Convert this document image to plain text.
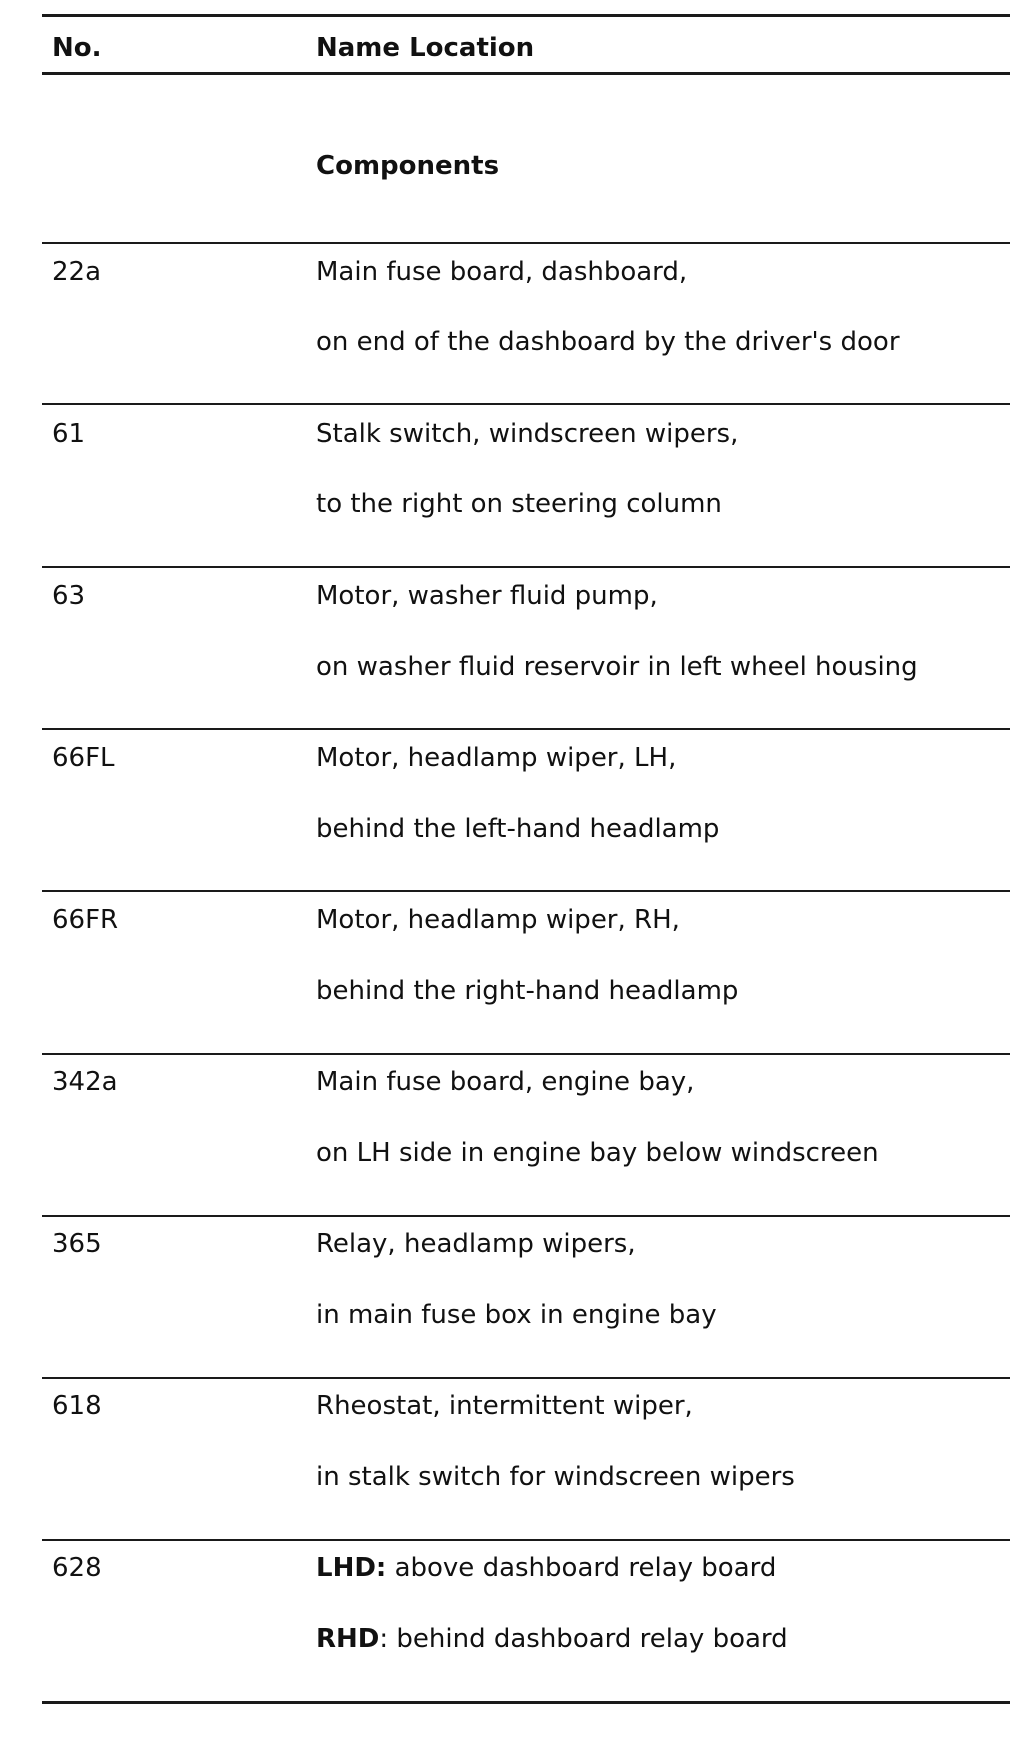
No.	Name Location
Components
22a	Main fuse board, dashboard,
on end of the dashboard by the driver's door
61	Stalk switch, windscreen wipers,
to the right on steering column
63	Motor, washer fluid pump,
on washer fluid reservoir in left wheel housing
66FL	Motor, headlamp wiper, LH,
behind the left-hand headlamp
66FR	Motor, headlamp wiper, RH,
behind the right-hand headlamp
342a	Main fuse board, engine bay,
on LH side in engine bay below windscreen
365	Relay, headlamp wipers,
in main fuse box in engine bay
618	Rheostat, intermittent wiper,
in stalk switch for windscreen wipers
628	LHD: above dashboard relay board
RHD: behind dashboard relay board
